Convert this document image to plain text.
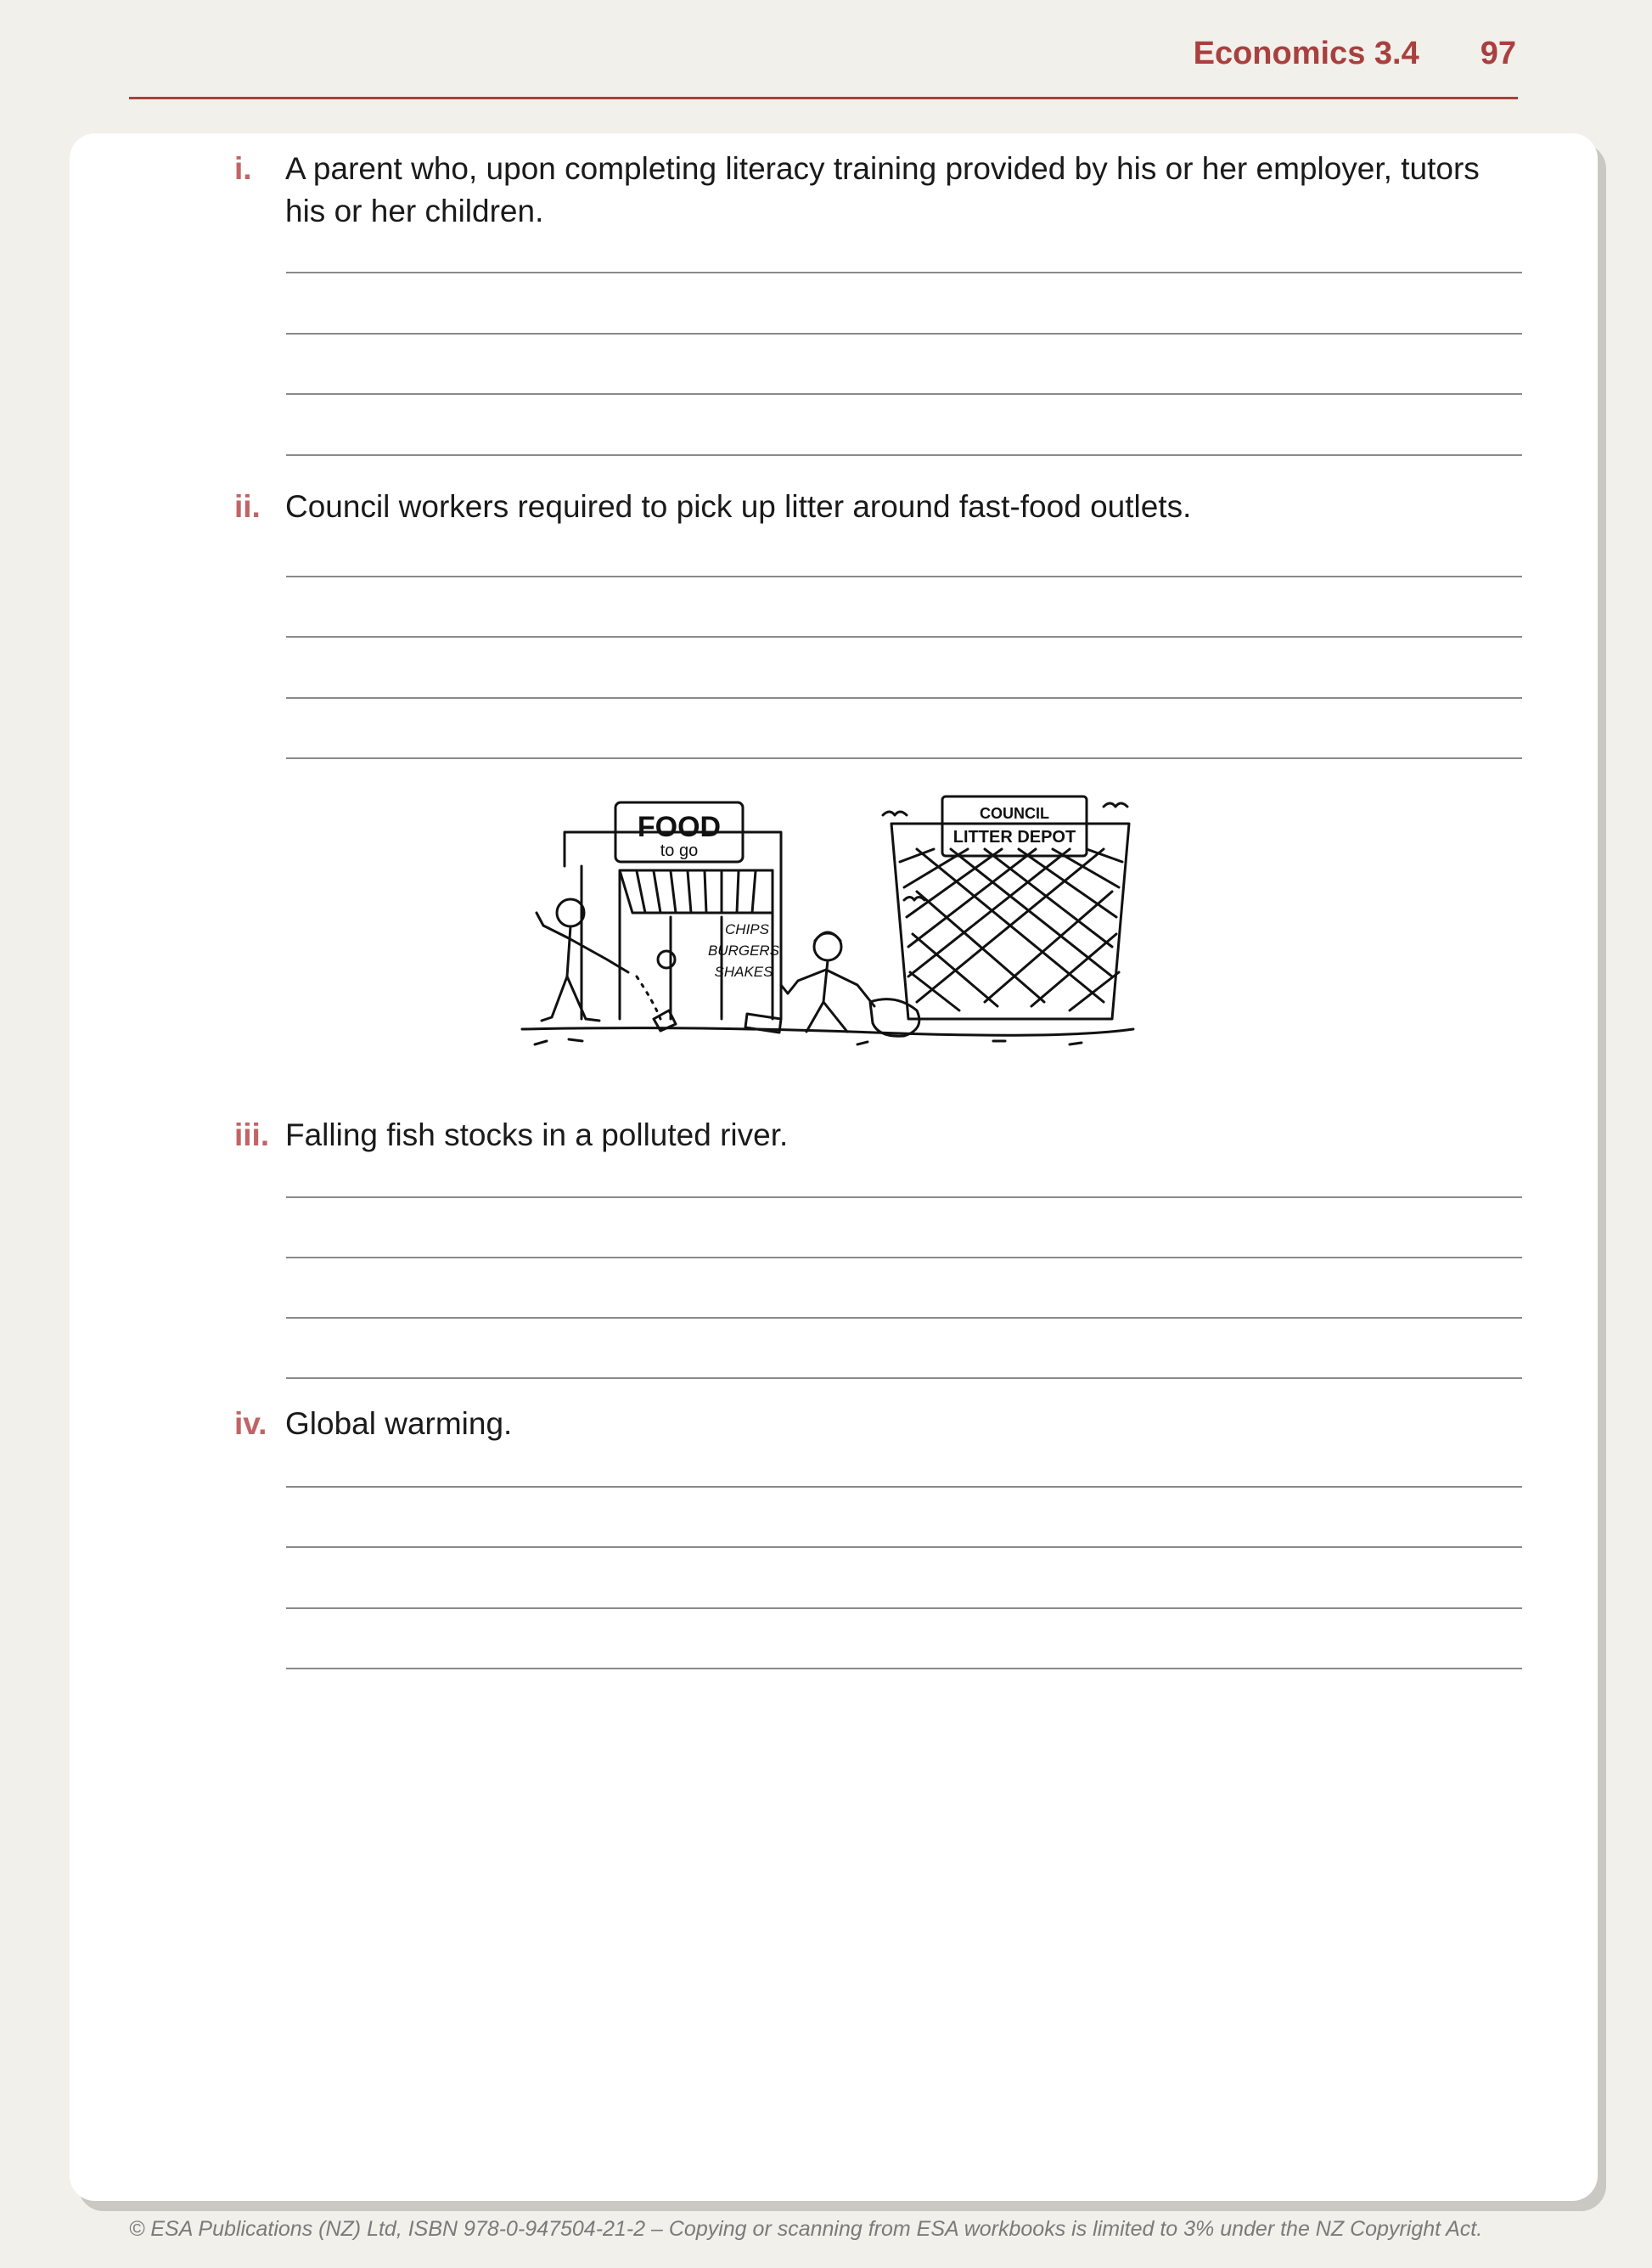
Economics 3.4 97
i. A parent who, upon completing literacy training provided by his or her employer, tutors his or her children.
ii. Council workers required to pick up litter around fast-food outlets.
FOOD
to go
CHIPS
BURGERS
SHAKES
COUNCIL
LITTER DEPOT
iii. Falling fish stocks in a polluted river.
iv. Global warming.
© ESA Publications (NZ) Ltd, ISBN 978-0-947504-21-2 – Copying or scanning from ESA workbooks is limited to 3% under the NZ Copyright Act.
